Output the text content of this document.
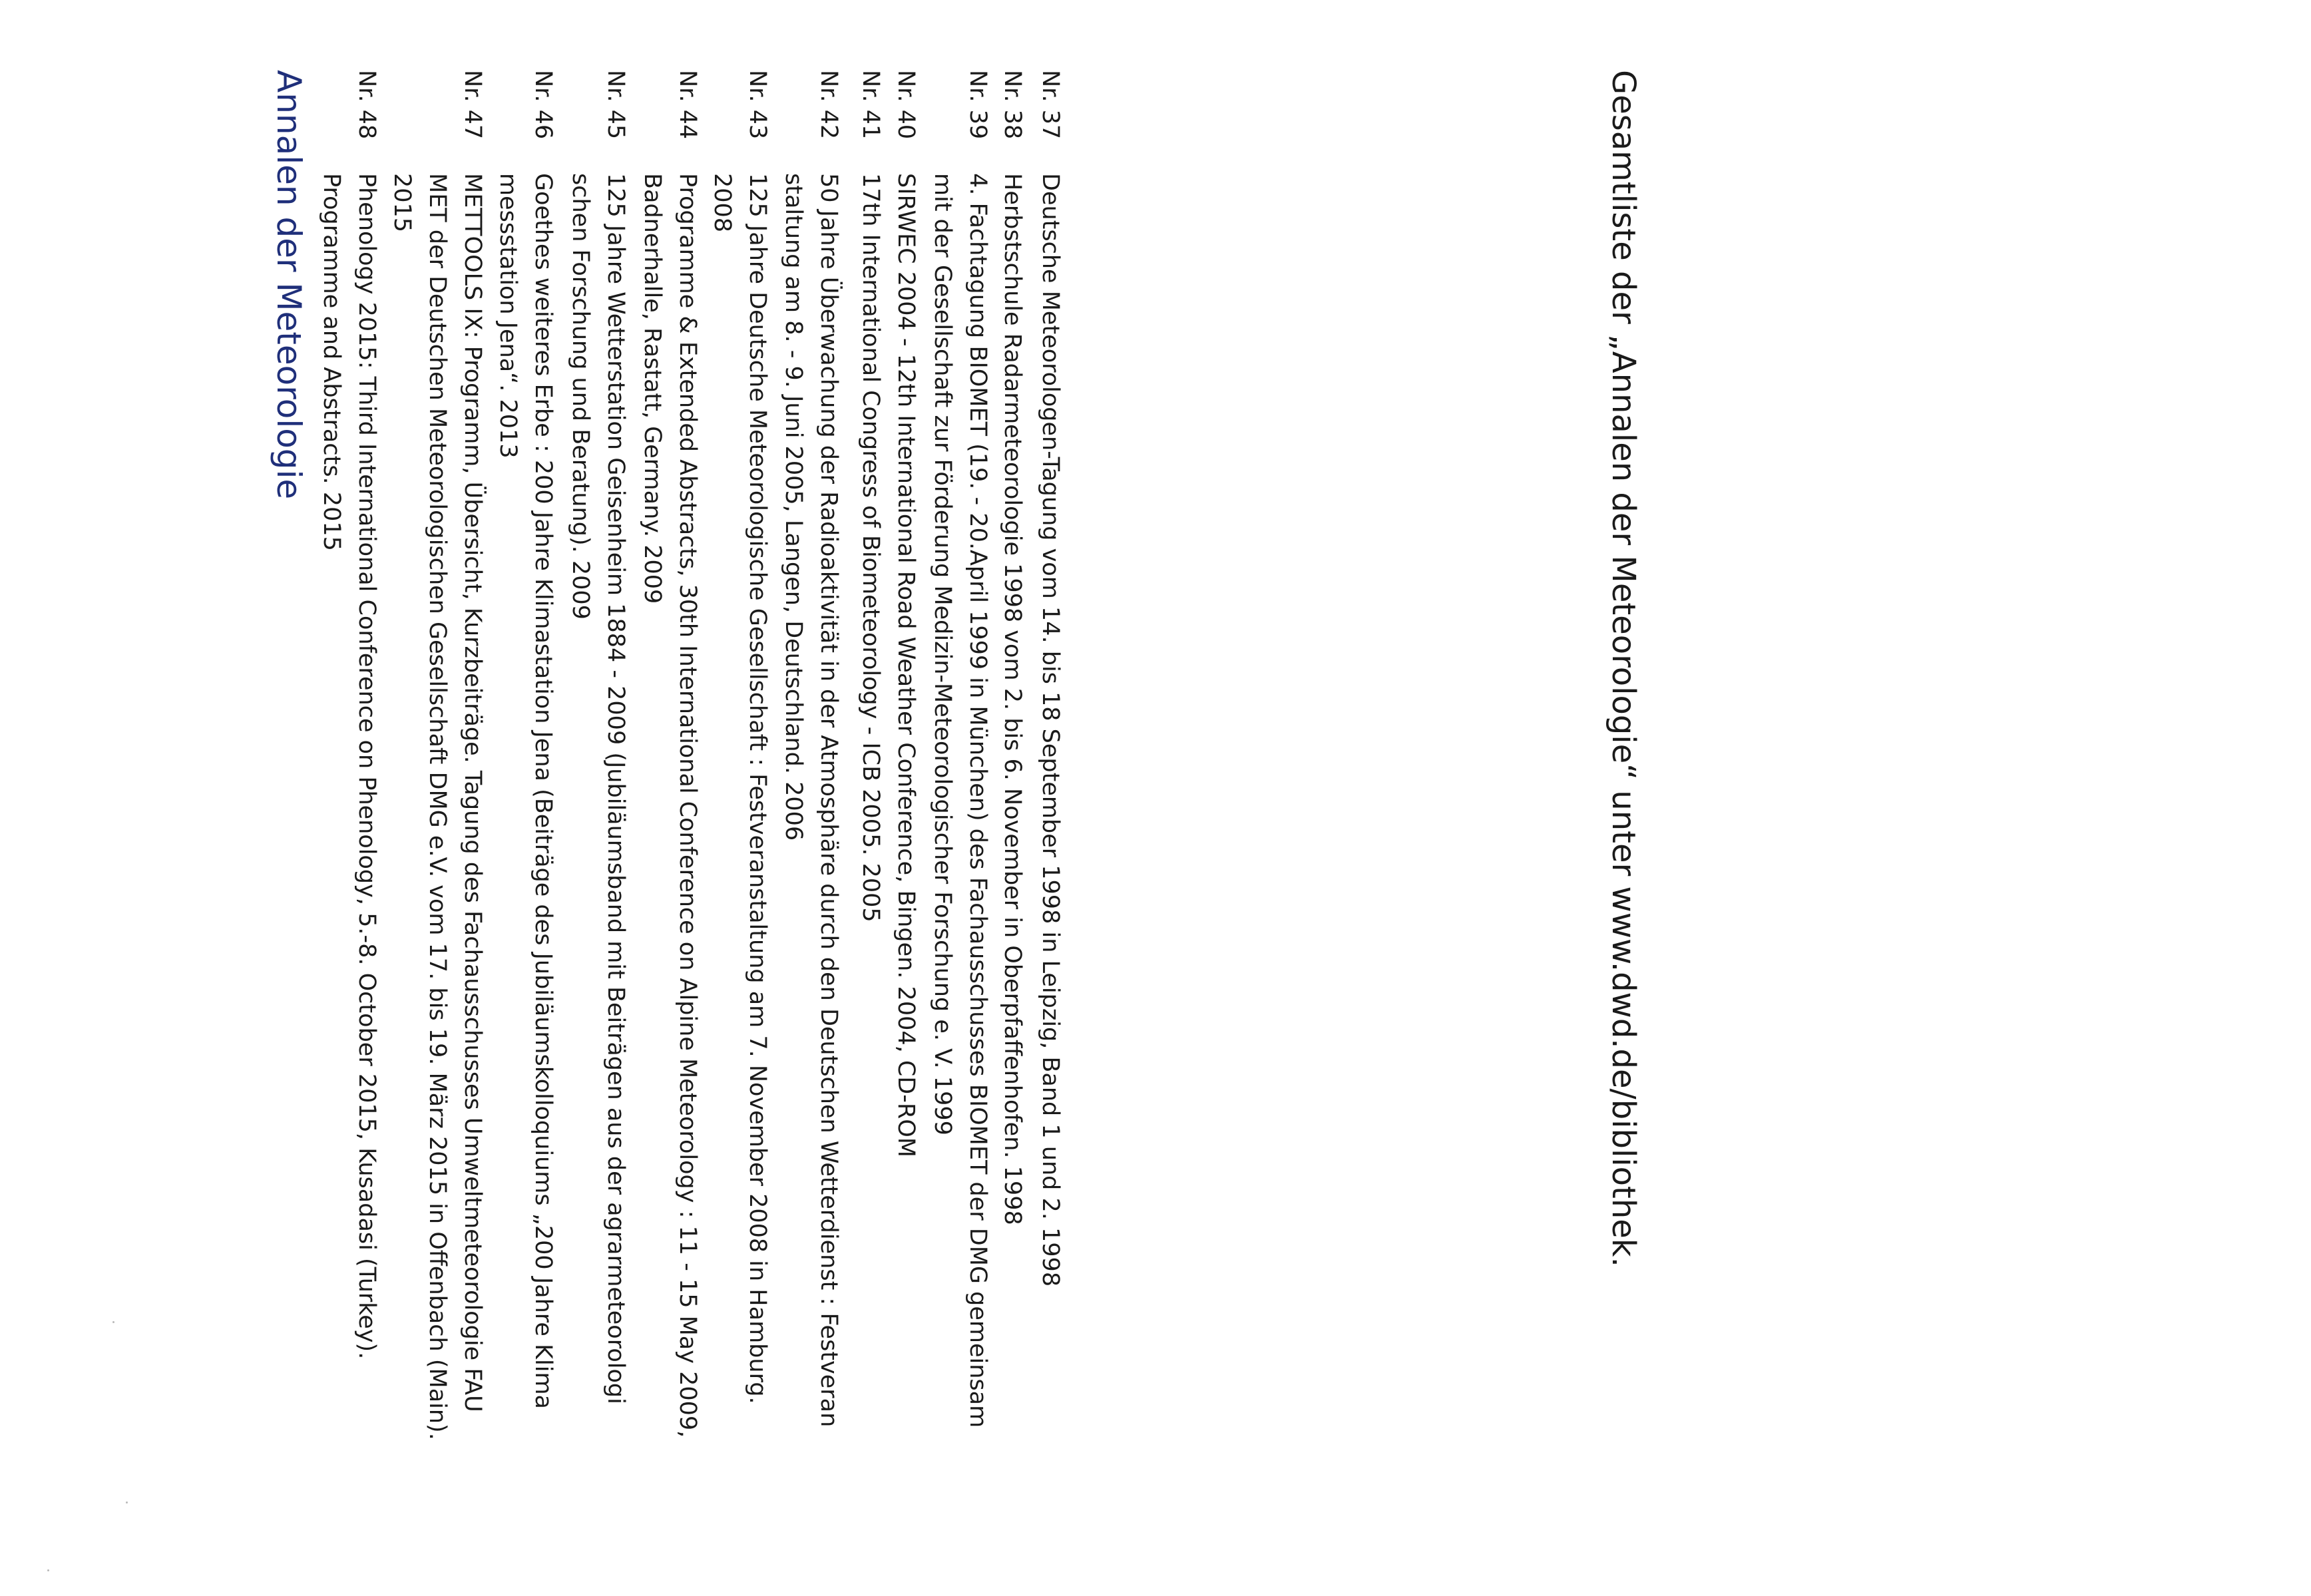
Annalen der Meteorologie Nr. 48
Phenology 2015: Third International Conference on Phenology, 5.-8. October 2015, Kusadasi (Turkey).
Programme and Abstracts. 2015
Nr. 47
METTOOLS IX: Programm, Übersicht, Kurzbeiträge. Tagung des Fachausschusses Umweltmeteorologie FAU
MET der Deutschen Meteorologischen Gesellschaft DMG e.V. vom 17. bis 19. März 2015 in Offenbach (Main).
2015
Nr. 46
Goethes weiteres Erbe : 200 Jahre Klimastation Jena (Beiträge des Jubiläumskolloquiums „200 Jahre Klima
messstation Jena“. 2013
Nr. 45
125 Jahre Wetterstation Geisenheim 1884 - 2009 (Jubiläumsband mit Beiträgen aus der agrarmeteorologi
schen Forschung und Beratung). 2009
Nr. 44
Programme & Extended Abstracts, 30th International Conference on Alpine Meteorology : 11 - 15 May 2009,
Badnerhalle, Rastatt, Germany. 2009
Nr. 43
125 Jahre Deutsche Meteorologische Gesellschaft : Festveranstaltung am 7. November 2008 in Hamburg.
2008
Nr. 42
50 Jahre Überwachung der Radioaktivität in der Atmosphäre durch den Deutschen Wetterdienst : Festveran
staltung am 8. - 9. Juni 2005, Langen, Deutschland. 2006
Nr. 41
17th International Congress of Biometeorology - ICB 2005. 2005
Nr. 40
SIRWEC 2004 - 12th International Road Weather Conference, Bingen. 2004, CD-ROM
Nr. 39
4. Fachtagung BIOMET (19. - 20.April 1999 in München) des Fachausschusses BIOMET der DMG gemeinsam
mit der Gesellschaft zur Förderung Medizin-Meteorologischer Forschung e. V. 1999
Nr. 38
Herbstschule Radarmeteorologie 1998 vom 2. bis 6. November in Oberpfaffenhofen. 1998
Nr. 37
Deutsche Meteorologen-Tagung vom 14. bis 18 September 1998 in Leipzig, Band 1 und 2. 1998	Gesamtliste der „Annalen der Meteorologie“ unter www.dwd.de/bibliothek.
